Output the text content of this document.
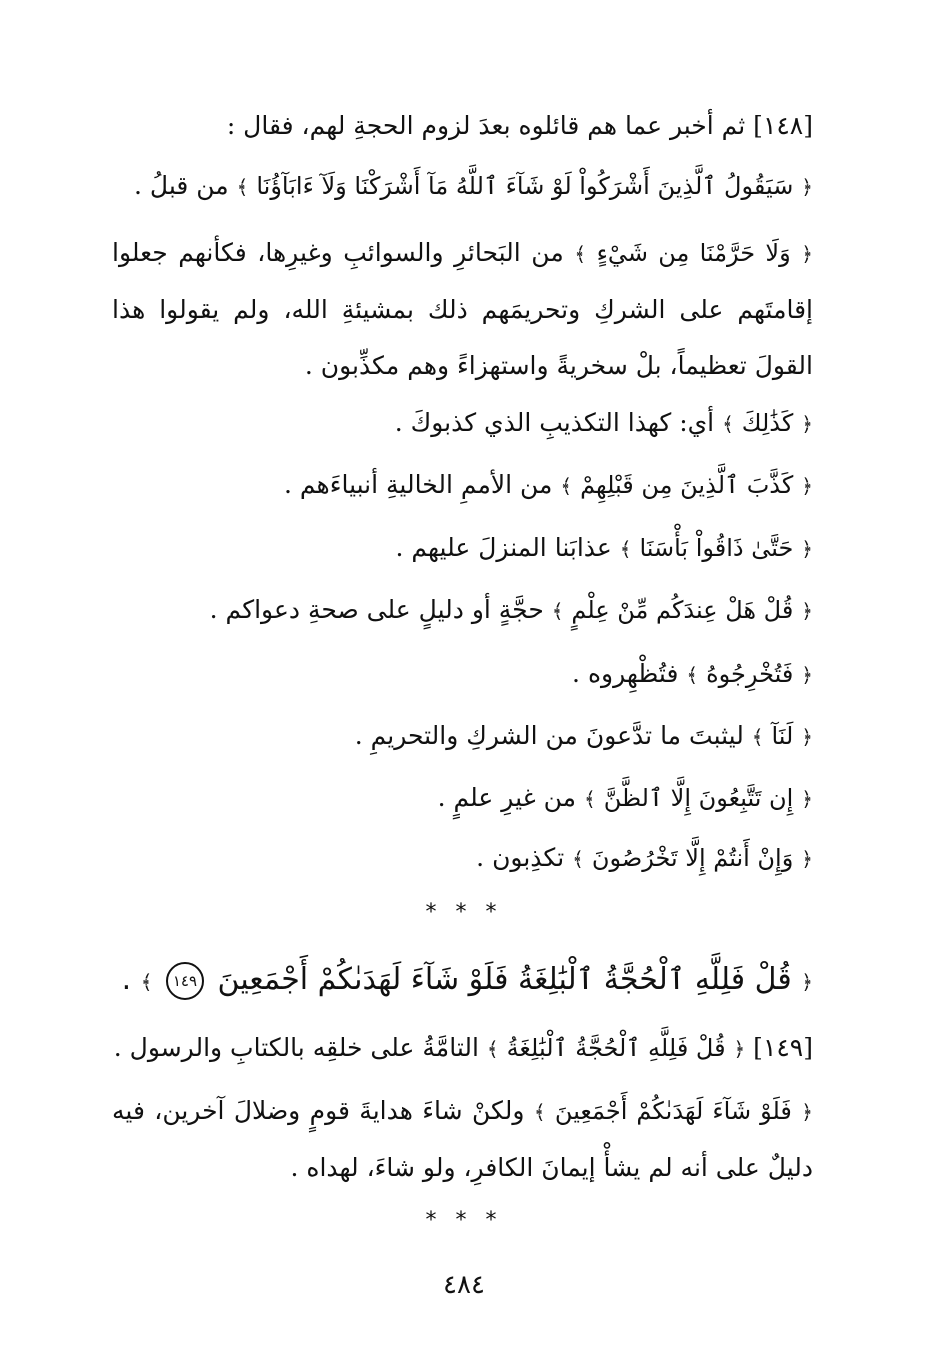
[١٤٨] ثم أخبر عما هم قائلوه بعدَ لزوم الحجةِ لهم، فقال :
﴿ سَيَقُولُ ٱلَّذِينَ أَشْرَكُواْ لَوْ شَآءَ ٱللَّهُ مَآ أَشْرَكْنَا وَلَآ ءَابَآؤُنَا ﴾ من قبلُ .
﴿ وَلَا حَرَّمْنَا مِن شَيْءٍ ﴾ من البَحائرِ والسوائبِ وغيرِها، فكأنهم جعلوا إقامتَهم على الشركِ وتحريمَهم ذلك بمشيئةِ الله، ولم يقولوا هذا القولَ تعظيماً، بلْ سخريةً واستهزاءً وهم مكذِّبون .
﴿ كَذَٰلِكَ ﴾ أي: كهذا التكذيبِ الذي كذبوكَ .
﴿ كَذَّبَ ٱلَّذِينَ مِن قَبْلِهِمْ ﴾ من الأممِ الخاليةِ أنبياءَهم .
﴿ حَتَّىٰ ذَاقُواْ بَأْسَنَا ﴾ عذابَنا المنزلَ عليهم .
﴿ قُلْ هَلْ عِندَكُم مِّنْ عِلْمٍ ﴾ حجَّةٍ أو دليلٍ على صحةِ دعواكم .
﴿ فَتُخْرِجُوهُ ﴾ فتُظْهِروه .
﴿ لَنَآ ﴾ ليثبتَ ما تدَّعونَ من الشركِ والتحريمِ .
﴿ إِن تَتَّبِعُونَ إِلَّا ٱلظَّنَّ ﴾ من غيرِ علمٍ .
﴿ وَإِنْ أَنتُمْ إِلَّا تَخْرُصُونَ ﴾ تكذِبون .
* * *
﴿ قُلْ فَلِلَّهِ ٱلْحُجَّةُ ٱلْبَٰلِغَةُ فَلَوْ شَآءَ لَهَدَىٰكُمْ أَجْمَعِينَ ١٤٩ ﴾ .
[١٤٩] ﴿ قُلْ فَلِلَّهِ ٱلْحُجَّةُ ٱلْبَٰلِغَةُ ﴾ التامَّةُ على خلقِه بالكتابِ والرسول .
﴿ فَلَوْ شَآءَ لَهَدَىٰكُمْ أَجْمَعِينَ ﴾ ولكنْ شاءَ هدايةَ قومٍ وضلالَ آخرين، فيه دليلٌ على أنه لم يشأْ إيمانَ الكافرِ، ولو شاءَ، لهداه .
* * *
٤٨٤
